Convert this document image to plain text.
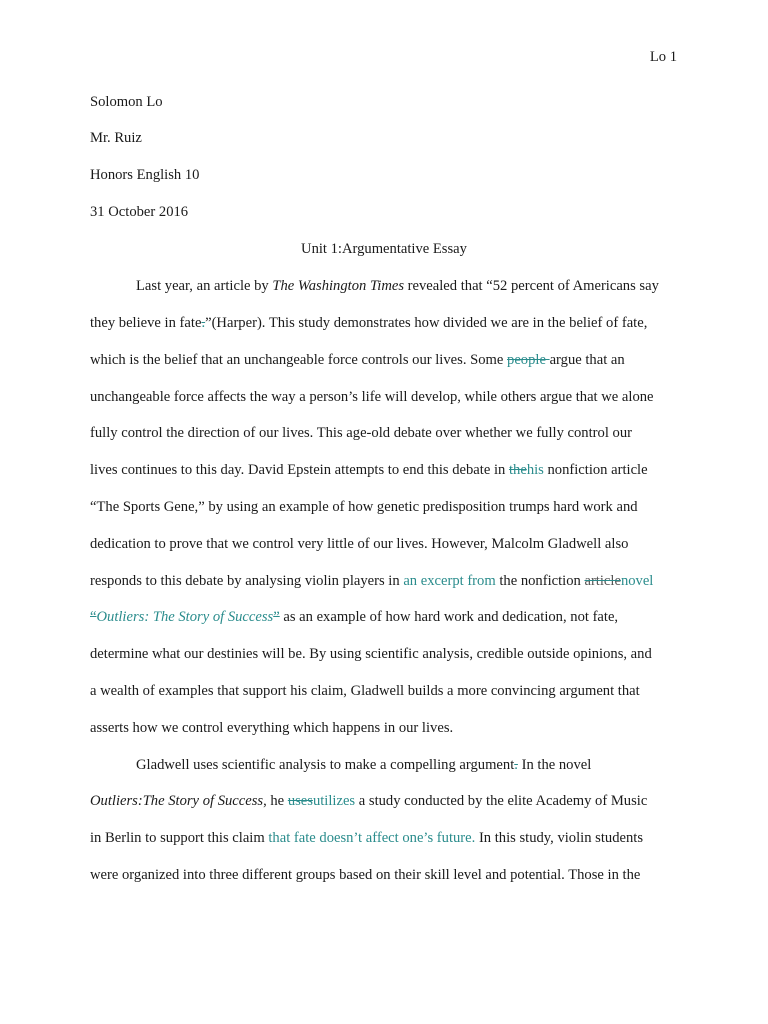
Lo 1
Solomon Lo
Mr. Ruiz
Honors English 10
31 October 2016
Unit 1:Argumentative Essay
Last year, an article by The Washington Times revealed that “52 percent of Americans say
they believe in fate.”(Harper). This study demonstrates how divided we are in the belief of fate,
which is the belief that an unchangeable force controls our lives. Some people argue that an
unchangeable force affects the way a person’s life will develop, while others argue that we alone
fully control the direction of our lives. This age-old debate over whether we fully control our
lives continues to this day. David Epstein attempts to end this debate in thehis nonfiction article
“The Sports Gene,” by using an example of how genetic predisposition trumps hard work and
dedication to prove that we control very little of our lives. However, Malcolm Gladwell also
responds to this debate by analysing violin players in an excerpt from the nonfiction articlenovel
“Outliers: The Story of Success” as an example of how hard work and dedication, not fate,
determine what our destinies will be. By using scientific analysis, credible outside opinions, and
a wealth of examples that support his claim, Gladwell builds a more convincing argument that
asserts how we control everything which happens in our lives.
Gladwell uses scientific analysis to make a compelling argument. In the novel
Outliers:The Story of Success, he usesutilizes a study conducted by the elite Academy of Music
in Berlin to support this claim that fate doesn’t affect one’s future. In this study, violin students
were organized into three different groups based on their skill level and potential. Those in the
